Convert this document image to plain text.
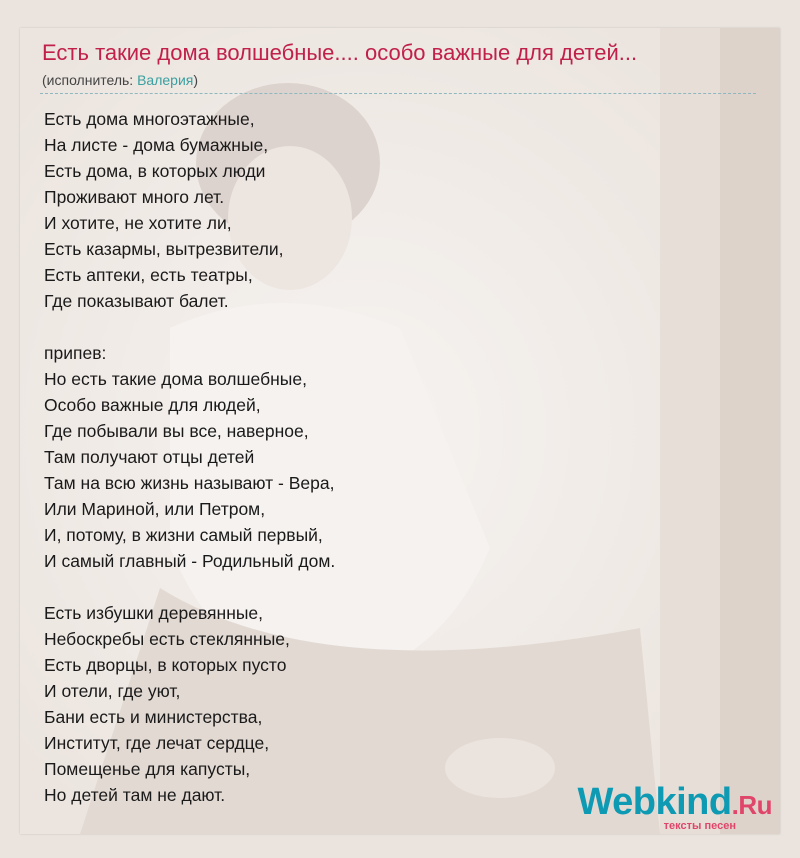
Есть такие дома волшебные.... особо важные для детей...
(исполнитель: Валерия)
Есть дома многоэтажные,
На листе - дома бумажные,
Есть дома, в которых люди
Проживают много лет.
И хотите, не хотите ли,
Есть казармы, вытрезвители,
Есть аптеки, есть театры,
Где показывают балет.
припев:
Но есть такие дома волшебные,
Особо важные для людей,
Где побывали вы все, наверное,
Там получают отцы детей
Там на всю жизнь называют - Вера,
Или Мариной, или Петром,
И, потому, в жизни самый первый,
И самый главный - Родильный дом.
Есть избушки деревянные,
Небоскребы есть стеклянные,
Есть дворцы, в которых пусто
И отели, где уют,
Бани есть и министерства,
Институт, где лечат сердце,
Помещенье для капусты,
Но детей там не дают.	Webkind.Ru
тексты песен
